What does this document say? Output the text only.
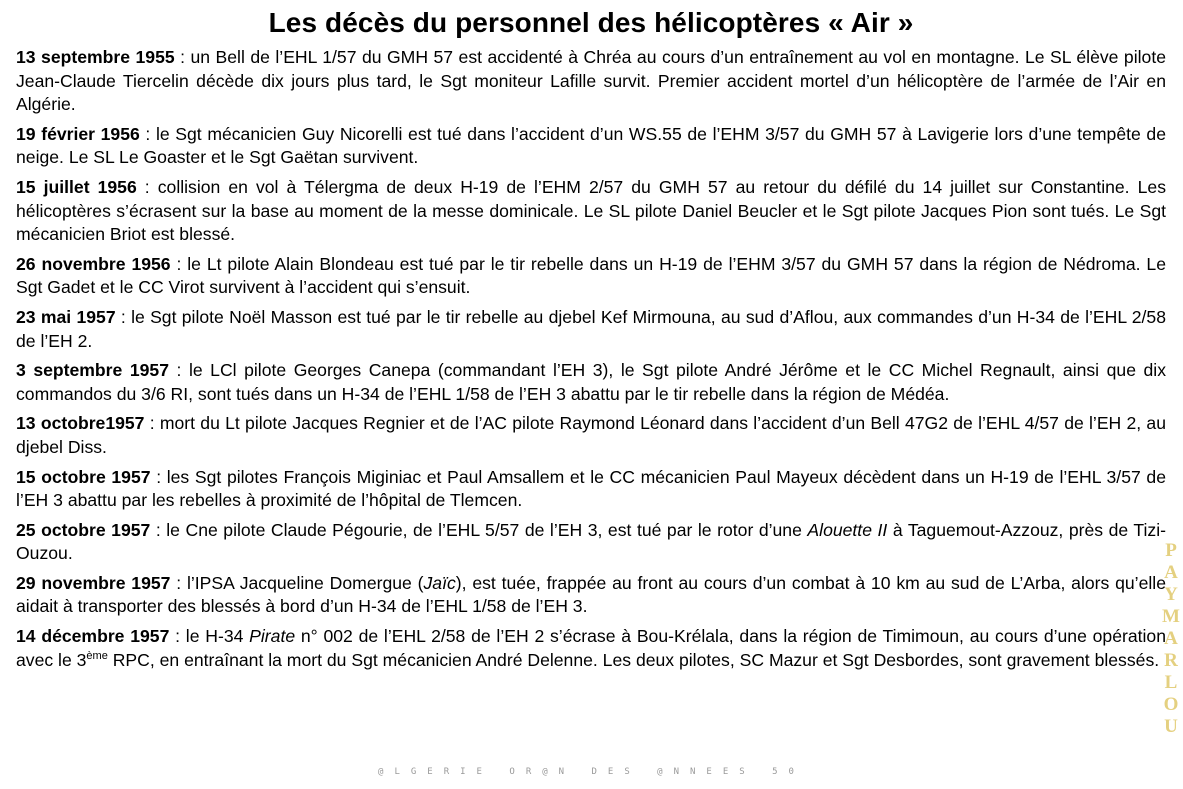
Les décès du personnel des hélicoptères « Air »

13 septembre 1955 : un Bell de l’EHL 1/57 du GMH 57 est accidenté à Chréa au cours d’un entraînement au vol en montagne. Le SL élève pilote Jean-Claude Tiercelin décède dix jours plus tard, le Sgt moniteur Lafille survit. Premier accident mortel d’un hélicoptère de l’armée de l’Air en Algérie.

19 février 1956 : le Sgt mécanicien Guy Nicorelli est tué dans l’accident d’un WS.55 de l’EHM 3/57 du GMH 57 à Lavigerie lors d’une tempête de neige. Le SL Le Goaster et le Sgt Gaëtan survivent.

15 juillet 1956 : collision en vol à Télergma de deux H-19 de l’EHM 2/57 du GMH 57 au retour du défilé du 14 juillet sur Constantine. Les hélicoptères s’écrasent sur la base au moment de la messe dominicale. Le SL pilote Daniel Beucler et le Sgt pilote Jacques Pion sont tués. Le Sgt mécanicien Briot est blessé.

26 novembre 1956 : le Lt pilote Alain Blondeau est tué par le tir rebelle dans un H-19 de l’EHM 3/57 du GMH 57 dans la région de Nédroma. Le Sgt Gadet et le CC Virot survivent à l’accident qui s’ensuit.

23 mai 1957 : le Sgt pilote Noël Masson est tué par le tir rebelle au djebel Kef Mirmouna, au sud d’Aflou, aux commandes d’un H-34 de l’EHL 2/58 de l’EH 2.

3 septembre 1957 : le LCl pilote Georges Canepa (commandant l’EH 3), le Sgt pilote André Jérôme et le CC Michel Regnault, ainsi que dix commandos du 3/6 RI, sont tués dans un H-34 de l’EHL 1/58 de l’EH 3 abattu par le tir rebelle dans la région de Médéa.

13 octobre1957 : mort du Lt pilote Jacques Regnier et de l’AC pilote Raymond Léonard dans l’accident d’un Bell 47G2 de l’EHL 4/57 de l’EH 2, au djebel Diss.

15 octobre 1957 : les Sgt pilotes François Miginiac et Paul Amsallem et le CC mécanicien Paul Mayeux décèdent dans un H-19 de l’EHL 3/57 de l’EH 3 abattu par les rebelles à proximité de l’hôpital de Tlemcen.

25 octobre 1957 : le Cne pilote Claude Pégourie, de l’EHL 5/57 de l’EH 3, est tué par le rotor d’une Alouette II à Taguemout-Azzouz, près de Tizi-Ouzou.

29 novembre 1957 : l’IPSA Jacqueline Domergue (Jaïc), est tuée, frappée au front au cours d’un combat à 10 km au sud de L’Arba, alors qu’elle aidait à transporter des blessés à bord d’un H-34 de l’EHL 1/58 de l’EH 3.

14 décembre 1957 : le H-34 Pirate n° 002 de l’EHL 2/58 de l’EH 2 s’écrase à Bou-Krélala, dans la région de Timimoun, au cours d’une opération avec le 3ème RPC, en entraînant la mort du Sgt mécanicien André Delenne. Les deux pilotes, SC Mazur et Sgt Desbordes, sont gravement blessés.

PAYMARLOU
@LGERIE OR@N DES @NNEES 50
